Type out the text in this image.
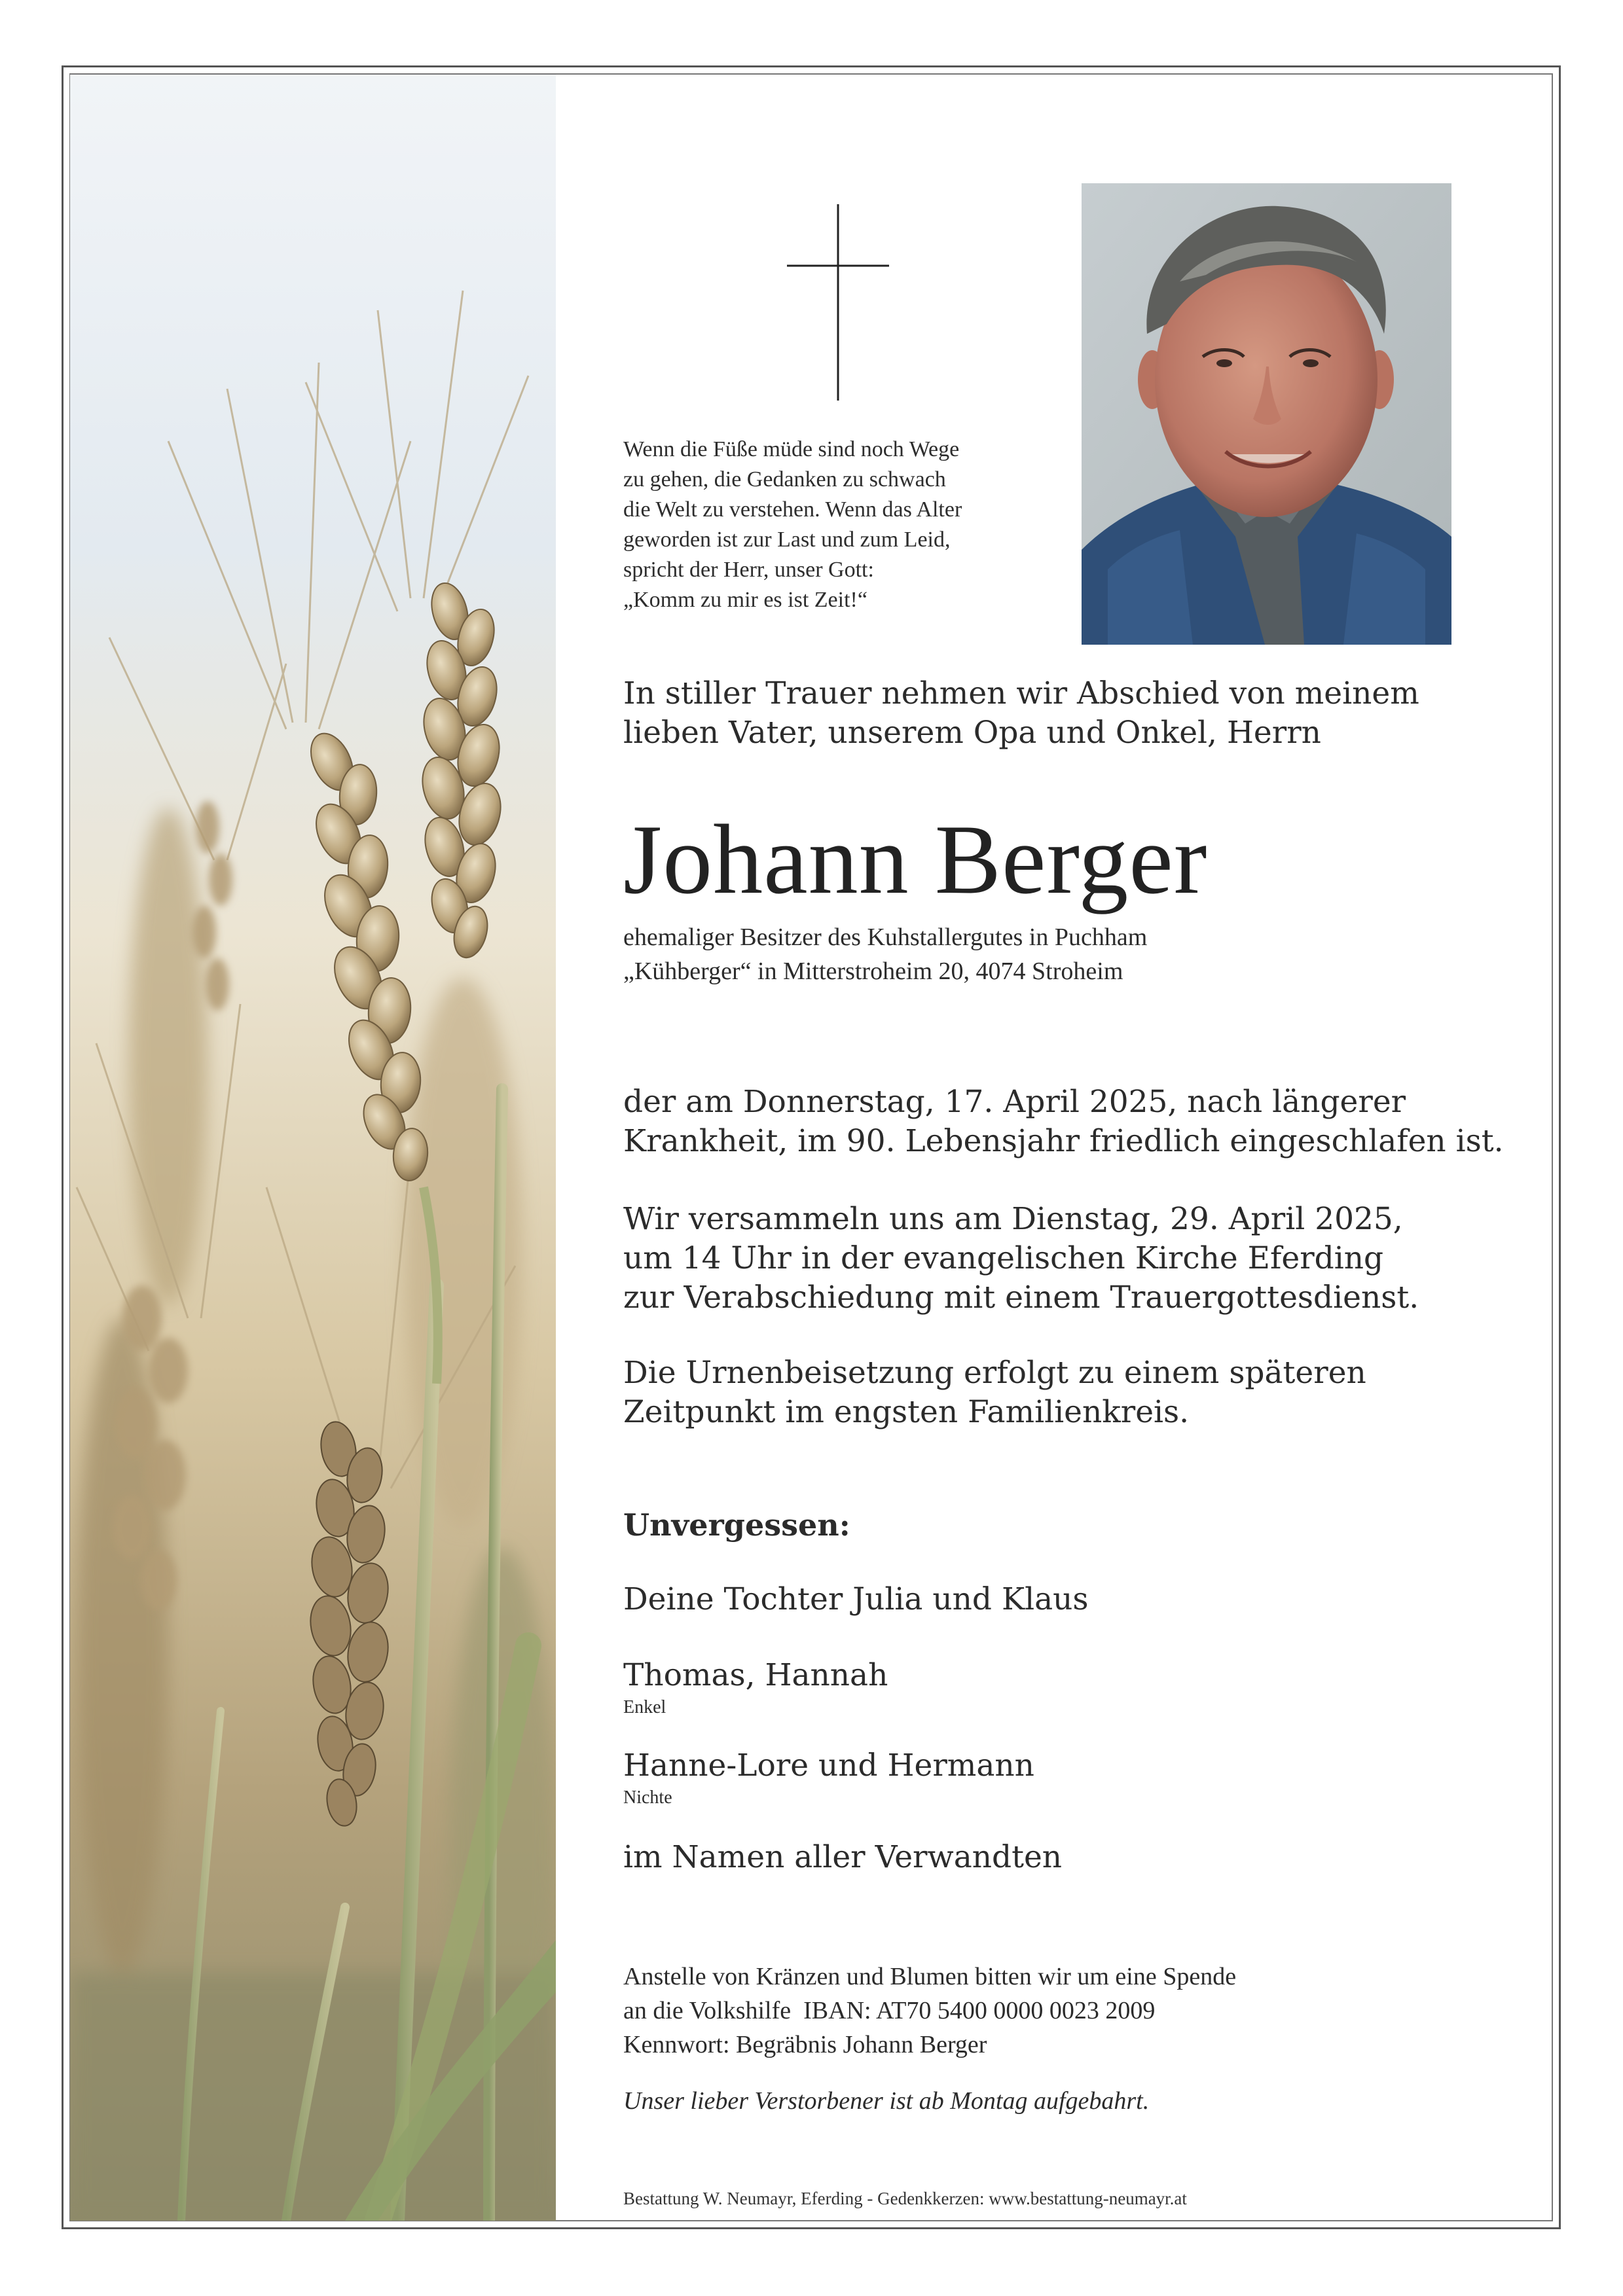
Wenn die Füße müde sind noch Wege
zu gehen, die Gedanken zu schwach
die Welt zu verstehen. Wenn das Alter
geworden ist zur Last und zum Leid,
spricht der Herr, unser Gott:
„Komm zu mir es ist Zeit!“
In stiller Trauer nehmen wir Abschied von meinem
lieben Vater, unserem Opa und Onkel, Herrn
Johann Berger
ehemaliger Besitzer des Kuhstallergutes in Puchham
„Kühberger“ in Mitterstroheim 20, 4074 Stroheim
der am Donnerstag, 17. April 2025, nach längerer
Krankheit, im 90. Lebensjahr friedlich eingeschlafen ist.
Wir versammeln uns am Dienstag, 29. April 2025,
um 14 Uhr in der evangelischen Kirche Eferding
zur Verabschiedung mit einem Trauergottesdienst.
Die Urnenbeisetzung erfolgt zu einem späteren
Zeitpunkt im engsten Familienkreis.
Unvergessen:
Deine Tochter Julia und Klaus
Thomas, Hannah
Enkel
Hanne-Lore und Hermann
Nichte
im Namen aller Verwandten
Anstelle von Kränzen und Blumen bitten wir um eine Spende
an die Volkshilfe  IBAN: AT70 5400 0000 0023 2009
Kennwort: Begräbnis Johann Berger
Unser lieber Verstorbener ist ab Montag aufgebahrt.
Bestattung W. Neumayr, Eferding - Gedenkkerzen: www.bestattung-neumayr.at
